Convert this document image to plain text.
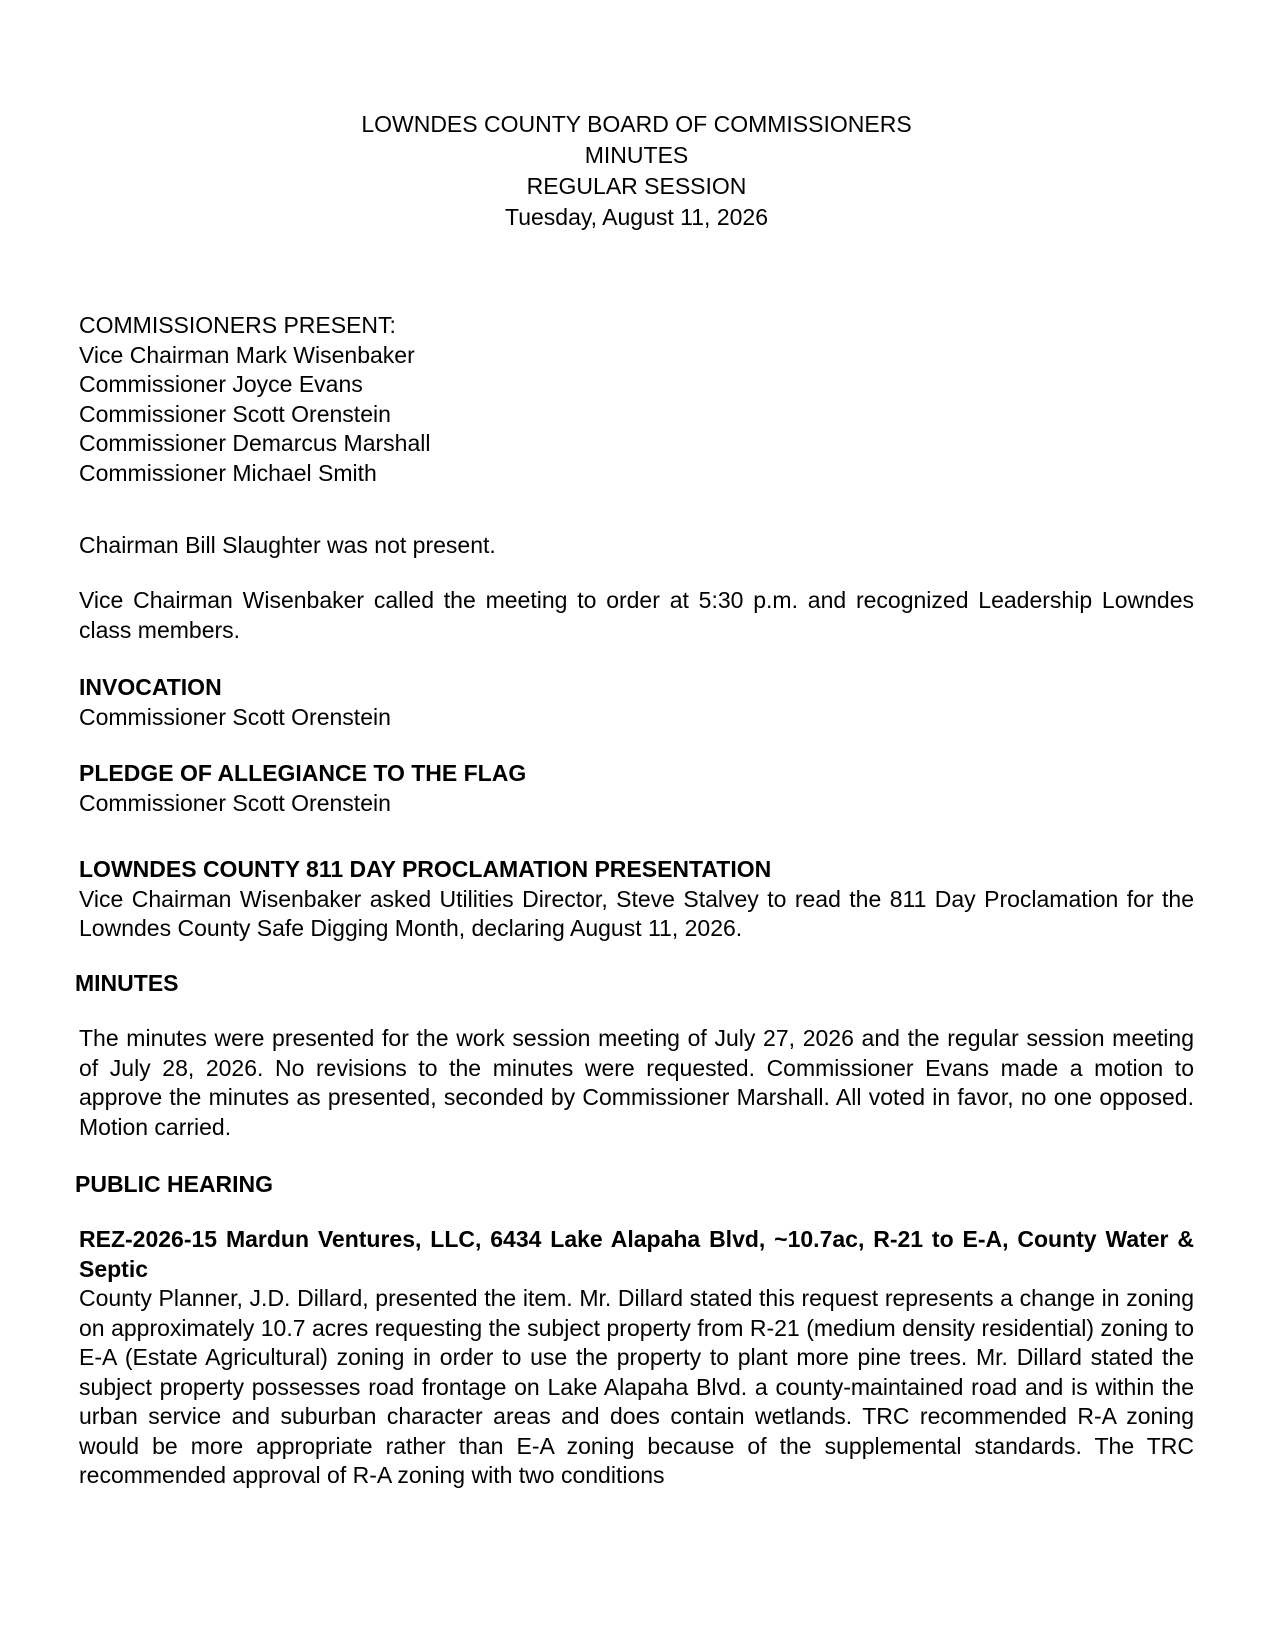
LOWNDES COUNTY BOARD OF COMMISSIONERS
MINUTES
REGULAR SESSION
Tuesday, August 11, 2026
COMMISSIONERS PRESENT:
Vice Chairman Mark Wisenbaker
Commissioner Joyce Evans
Commissioner Scott Orenstein
Commissioner Demarcus Marshall
Commissioner Michael Smith

Chairman Bill Slaughter was not present.

Vice Chairman Wisenbaker called the meeting to order at 5:30 p.m. and recognized Leadership Lowndes class members.

INVOCATION
Commissioner Scott Orenstein
PLEDGE OF ALLEGIANCE TO THE FLAG
Commissioner Scott Orenstein
LOWNDES COUNTY 811 DAY PROCLAMATION PRESENTATION

Vice Chairman Wisenbaker asked Utilities Director, Steve Stalvey to read the 811 Day Proclamation for the Lowndes County Safe Digging Month, declaring August 11, 2026.

MINUTES

The minutes were presented for the work session meeting of July 27, 2026 and the regular session meeting of July 28, 2026. No revisions to the minutes were requested. Commissioner Evans made a motion to approve the minutes as presented, seconded by Commissioner Marshall. All voted in favor, no one opposed. Motion carried.

PUBLIC HEARING

REZ-2026-15 Mardun Ventures, LLC, 6434 Lake Alapaha Blvd, ~10.7ac, R-21 to E-A, County Water & Septic

County Planner, J.D. Dillard, presented the item. Mr. Dillard stated this request represents a change in zoning on approximately 10.7 acres requesting the subject property from R-21 (medium density residential) zoning to E-A (Estate Agricultural) zoning in order to use the property to plant more pine trees. Mr. Dillard stated the subject property possesses road frontage on Lake Alapaha Blvd. a county-maintained road and is within the urban service and suburban character areas and does contain wetlands. TRC recommended R-A zoning would be more appropriate rather than E-A zoning because of the supplemental standards. The TRC recommended approval of R-A zoning with two conditions
